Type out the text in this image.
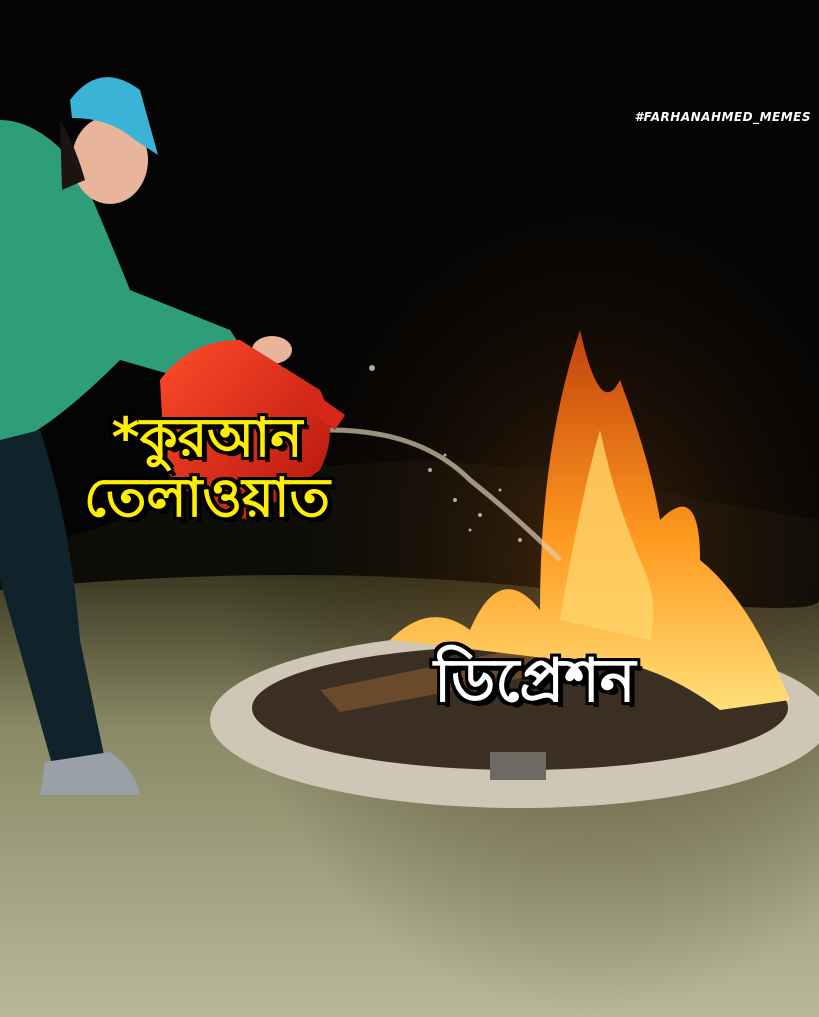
#FARHANAHMED_MEMES
*কুরআন
তেলাওয়াত
ডিপ্রেশন
